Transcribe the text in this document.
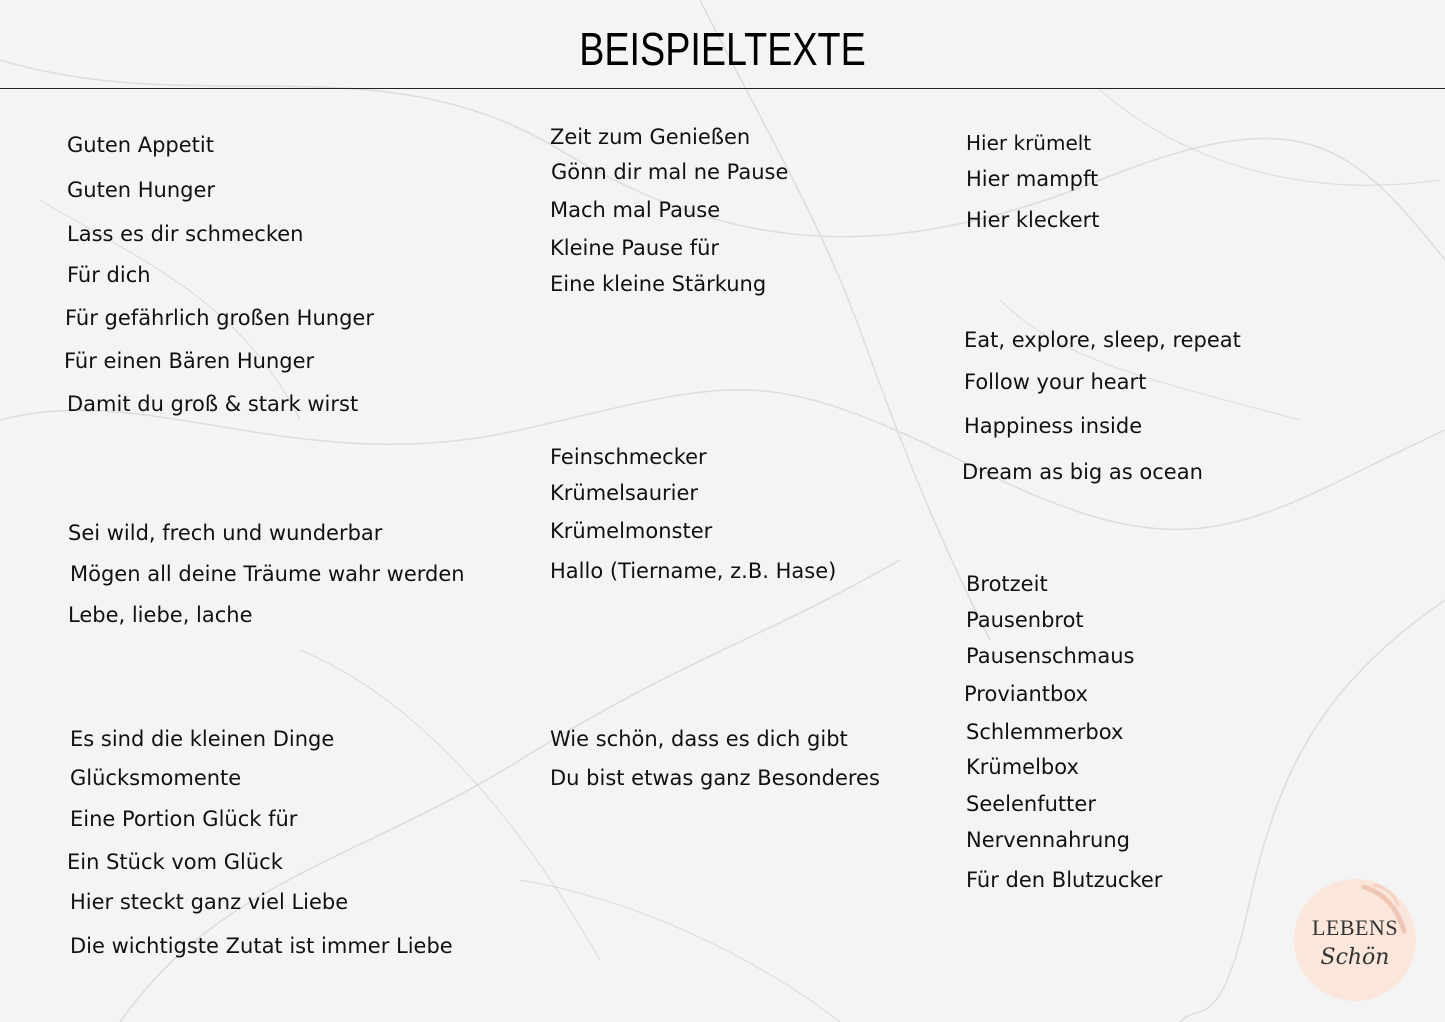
BEISPIELTEXTE
Guten Appetit
Guten Hunger
Lass es dir schmecken
Für dich
Für gefährlich großen Hunger
Für einen Bären Hunger
Damit du groß & stark wirst
Sei wild, frech und wunderbar
Mögen all deine Träume wahr werden
Lebe, liebe, lache
Es sind die kleinen Dinge
Glücksmomente
Eine Portion Glück für
Ein Stück vom Glück
Hier steckt ganz viel Liebe
Die wichtigste Zutat ist immer Liebe
Zeit zum Genießen
Gönn dir mal ne Pause
Mach mal Pause
Kleine Pause für
Eine kleine Stärkung
Feinschmecker
Krümelsaurier
Krümelmonster
Hallo (Tiername, z.B. Hase)
Wie schön, dass es dich gibt
Du bist etwas ganz Besonderes
Hier krümelt
Hier mampft
Hier kleckert
Eat, explore, sleep, repeat
Follow your heart
Happiness inside
Dream as big as ocean
Brotzeit
Pausenbrot
Pausenschmaus
Proviantbox
Schlemmerbox
Krümelbox
Seelenfutter
Nervennahrung
Für den Blutzucker
LEBENS
Schön
